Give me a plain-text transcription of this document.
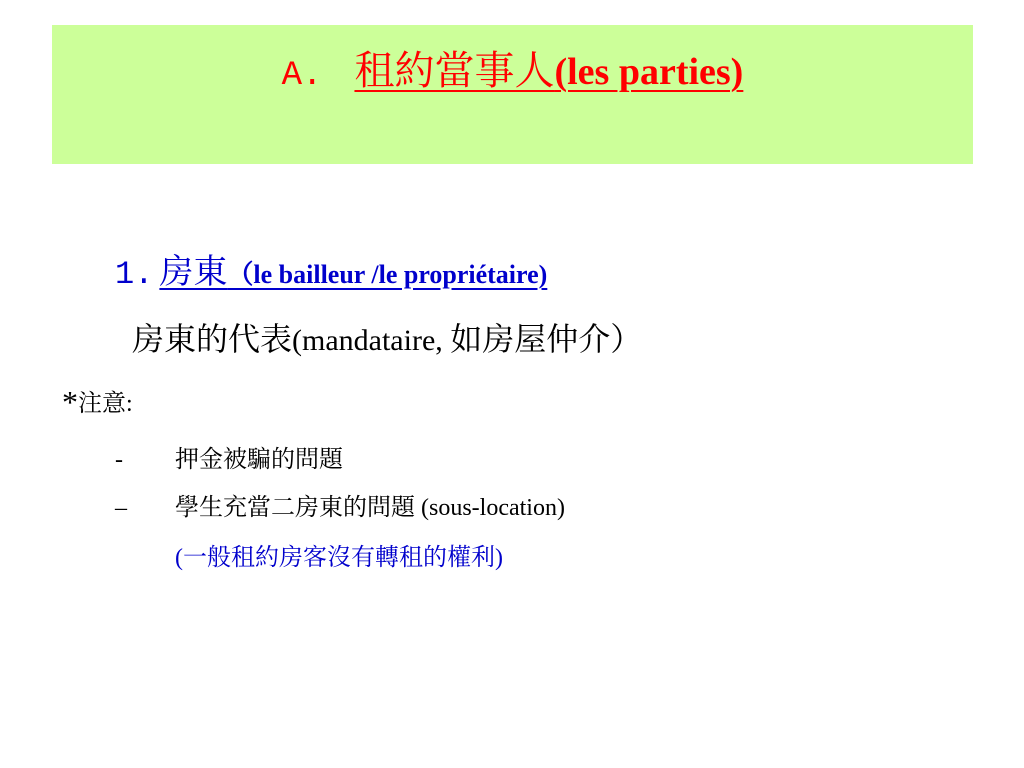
A. 租約當事人(les parties)
1. 房東（le bailleur /le propriétaire)
房東的代表(mandataire, 如房屋仲介）
*注意:
- 押金被騙的問題
– 學生充當二房東的問題 (sous-location)
(一般租約房客沒有轉租的權利)
